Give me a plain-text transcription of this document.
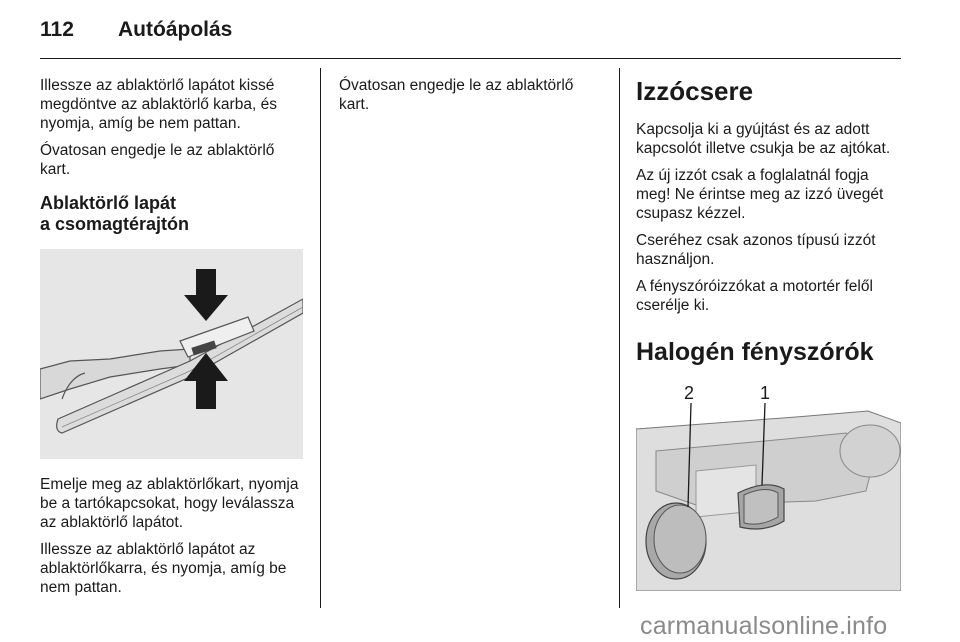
112 Autóápolás

Illessze az ablaktörlő lapátot kissé megdöntve az ablaktörlő karba, és nyomja, amíg be nem pattan.

Óvatosan engedje le az ablaktörlő kart.

Ablaktörlő lapát
a csomagtérajtón

Emelje meg az ablaktörlőkart, nyomja be a tartókapcsokat, hogy leválassza az ablaktörlő lapátot.

Illessze az ablaktörlő lapátot az ablaktörlőkarra, és nyomja, amíg be nem pattan.

Óvatosan engedje le az ablaktörlő kart.	Izzócsere

Kapcsolja ki a gyújtást és az adott kapcsolót illetve csukja be az ajtókat.

Az új izzót csak a foglalatnál fogja meg! Ne érintse meg az izzó üvegét csupasz kézzel.

Cseréhez csak azonos típusú izzót használjon.

A fényszóróizzókat a motortér felől cserélje ki.

Halogén fényszórók
2	1
carmanualsonline.info
